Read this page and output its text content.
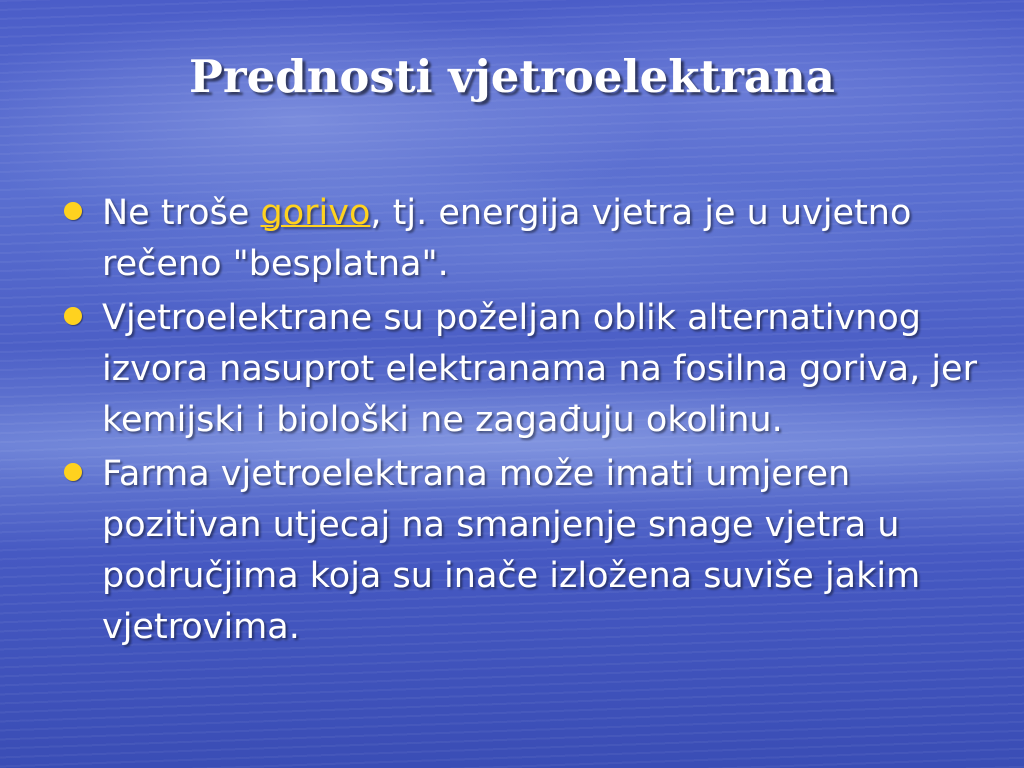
Prednosti vjetroelektrana
Ne troše gorivo, tj. energija vjetra je u uvjetno rečeno "besplatna".
Vjetroelektrane su poželjan oblik alternativnog izvora nasuprot elektranama na fosilna goriva, jer kemijski i biološki ne zagađuju okolinu.
Farma vjetroelektrana može imati umjeren pozitivan utjecaj na smanjenje snage vjetra u područjima koja su inače izložena suviše jakim vjetrovima.
